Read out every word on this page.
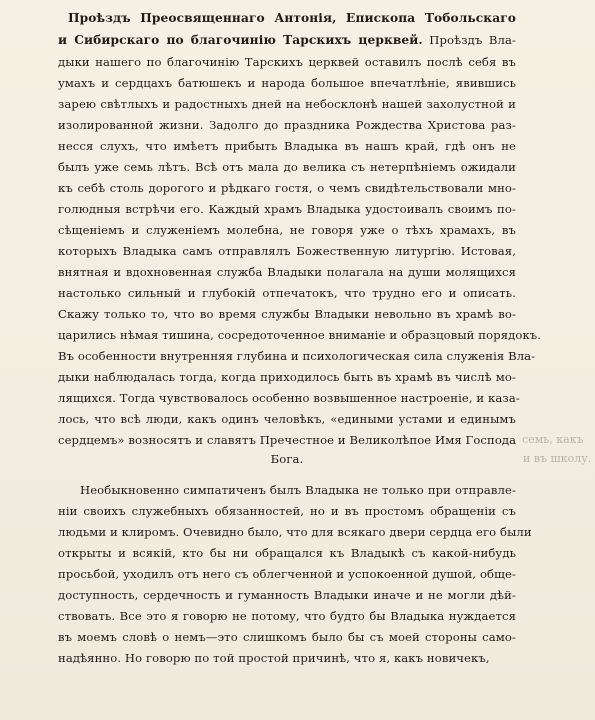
Проѣздъ Преосвященнаго Антонія, Епископа Тобольскаго
и Сибирскаго по благочинію Тарскихъ церквей. Проѣздъ Вла-
дыки нашего по благочинію Тарскихъ церквей оставилъ послѣ себя въ
умахъ и сердцахъ батюшекъ и народа большое впечатлѣніе, явившись
зарею свѣтлыхъ и радостныхъ дней на небосклонѣ нашей захолустной и
изолированной жизни. Задолго до праздника Рождества Христова раз-
несся слухъ, что имѣетъ прибыть Владыка въ нашъ край, гдѣ онъ не
былъ уже семь лѣтъ. Всѣ отъ мала до велика съ нетерпѣніемъ ожидали
къ себѣ столь дорогого и рѣдкаго гостя, о чемъ свидѣтельствовали мно-
голюдныя встрѣчи его. Каждый храмъ Владыка удостоивалъ своимъ по-
сѣщеніемъ и служеніемъ молебна, не говоря уже о тѣхъ храмахъ, въ
которыхъ Владыка самъ отправлялъ Божественную литургію. Истовая,
внятная и вдохновенная служба Владыки полагала на души молящихся
настолько сильный и глубокій отпечатокъ, что трудно его и описать.
Скажу только то, что во время службы Владыки невольно въ храмѣ во-
царились нѣмая тишина, сосредоточенное вниманіе и образцовый порядокъ.
Въ особенности внутренняя глубина и психологическая сила служенія Вла-
дыки наблюдалась тогда, когда приходилось быть въ храмѣ въ числѣ мо-
лящихся. Тогда чувствовалось особенно возвышенное настроеніе, и каза-
лось, что всѣ люди, какъ одинъ человѣкъ, «едиными устами и единымъ
сердцемъ» возносятъ и славятъ Пречестное и Великолѣпое Имя Господа
Бога.
Необыкновенно симпатиченъ былъ Владыка не только при отправле-
ніи своихъ служебныхъ обязанностей, но и въ простомъ обращеніи съ
людьми и клиромъ. Очевидно было, что для всякаго двери сердца его были
открыты и всякій, кто бы ни обращался къ Владыкѣ съ какой-нибудь
просьбой, уходилъ отъ него съ облегченной и успокоенной душой, обще-
доступность, сердечность и гуманность Владыки иначе и не могли дѣй-
ствовать. Все это я говорю не потому, что будто бы Владыка нуждается
въ моемъ словѣ о немъ—это слишкомъ было бы съ моей стороны само-
надѣянно. Но говорю по той простой причинѣ, что я, какъ новичекъ,
семь, какъ
и въ школу.
